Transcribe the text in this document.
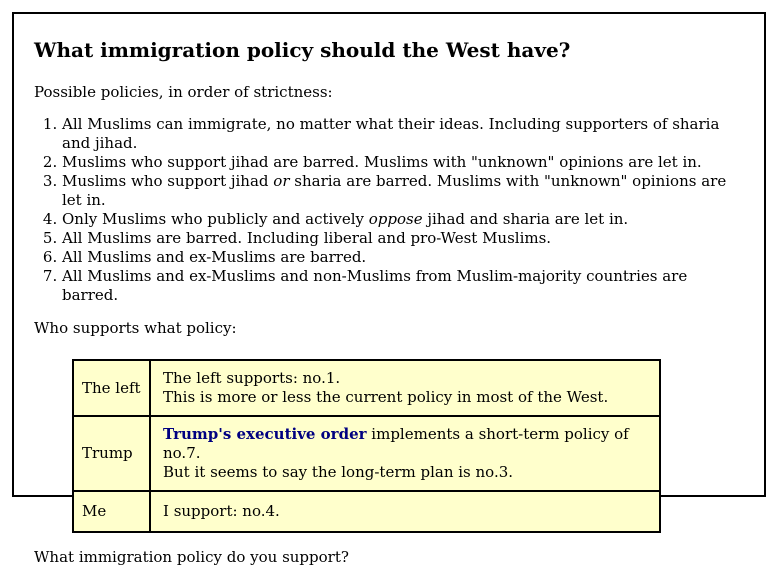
What immigration policy should the West have?

Possible policies, in order of strictness:

1. All Muslims can immigrate, no matter what their ideas. Including supporters of sharia and jihad.
2. Muslims who support jihad are barred. Muslims with "unknown" opinions are let in.
3. Muslims who support jihad or sharia are barred. Muslims with "unknown" opinions are let in.
4. Only Muslims who publicly and actively oppose jihad and sharia are let in.
5. All Muslims are barred. Including liberal and pro-West Muslims.
6. All Muslims and ex-Muslims are barred.
7. All Muslims and ex-Muslims and non-Muslims from Muslim-majority countries are barred.

Who supports what policy:

The left	The left supports: no.1.
This is more or less the current policy in most of the West.
Trump	Trump's executive order implements a short-term policy of no.7.
But it seems to say the long-term plan is no.3.
Me	I support: no.4.

What immigration policy do you support?
